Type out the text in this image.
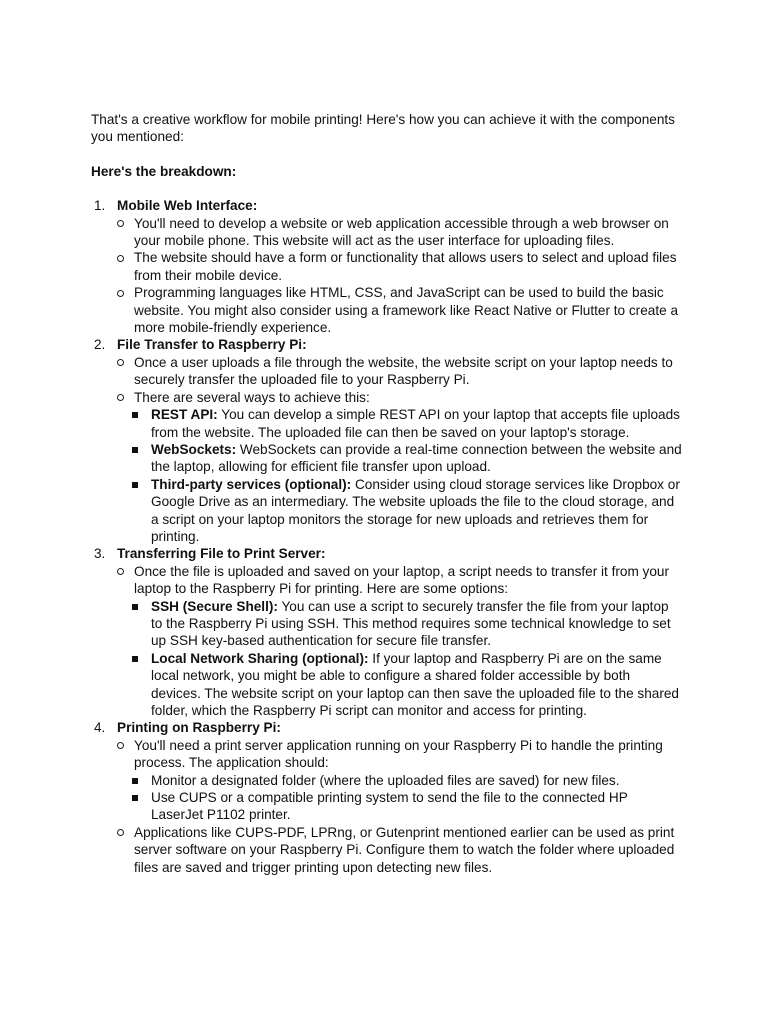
That's a creative workflow for mobile printing! Here's how you can achieve it with the components you mentioned:

Here's the breakdown:

1. Mobile Web Interface:
You'll need to develop a website or web application accessible through a web browser on your mobile phone. This website will act as the user interface for uploading files.
The website should have a form or functionality that allows users to select and upload files from their mobile device.
Programming languages like HTML, CSS, and JavaScript can be used to build the basic website. You might also consider using a framework like React Native or Flutter to create a more mobile-friendly experience.
2. File Transfer to Raspberry Pi:
Once a user uploads a file through the website, the website script on your laptop needs to securely transfer the uploaded file to your Raspberry Pi.
There are several ways to achieve this:
REST API: You can develop a simple REST API on your laptop that accepts file uploads from the website. The uploaded file can then be saved on your laptop's storage.
WebSockets: WebSockets can provide a real-time connection between the website and the laptop, allowing for efficient file transfer upon upload.
Third-party services (optional): Consider using cloud storage services like Dropbox or Google Drive as an intermediary. The website uploads the file to the cloud storage, and a script on your laptop monitors the storage for new uploads and retrieves them for printing.
3. Transferring File to Print Server:
Once the file is uploaded and saved on your laptop, a script needs to transfer it from your laptop to the Raspberry Pi for printing. Here are some options:
SSH (Secure Shell): You can use a script to securely transfer the file from your laptop to the Raspberry Pi using SSH. This method requires some technical knowledge to set up SSH key-based authentication for secure file transfer.
Local Network Sharing (optional): If your laptop and Raspberry Pi are on the same local network, you might be able to configure a shared folder accessible by both devices. The website script on your laptop can then save the uploaded file to the shared folder, which the Raspberry Pi script can monitor and access for printing.
4. Printing on Raspberry Pi:
You'll need a print server application running on your Raspberry Pi to handle the printing process. The application should:
Monitor a designated folder (where the uploaded files are saved) for new files.
Use CUPS or a compatible printing system to send the file to the connected HP LaserJet P1102 printer.
Applications like CUPS-PDF, LPRng, or Gutenprint mentioned earlier can be used as print server software on your Raspberry Pi. Configure them to watch the folder where uploaded files are saved and trigger printing upon detecting new files.
